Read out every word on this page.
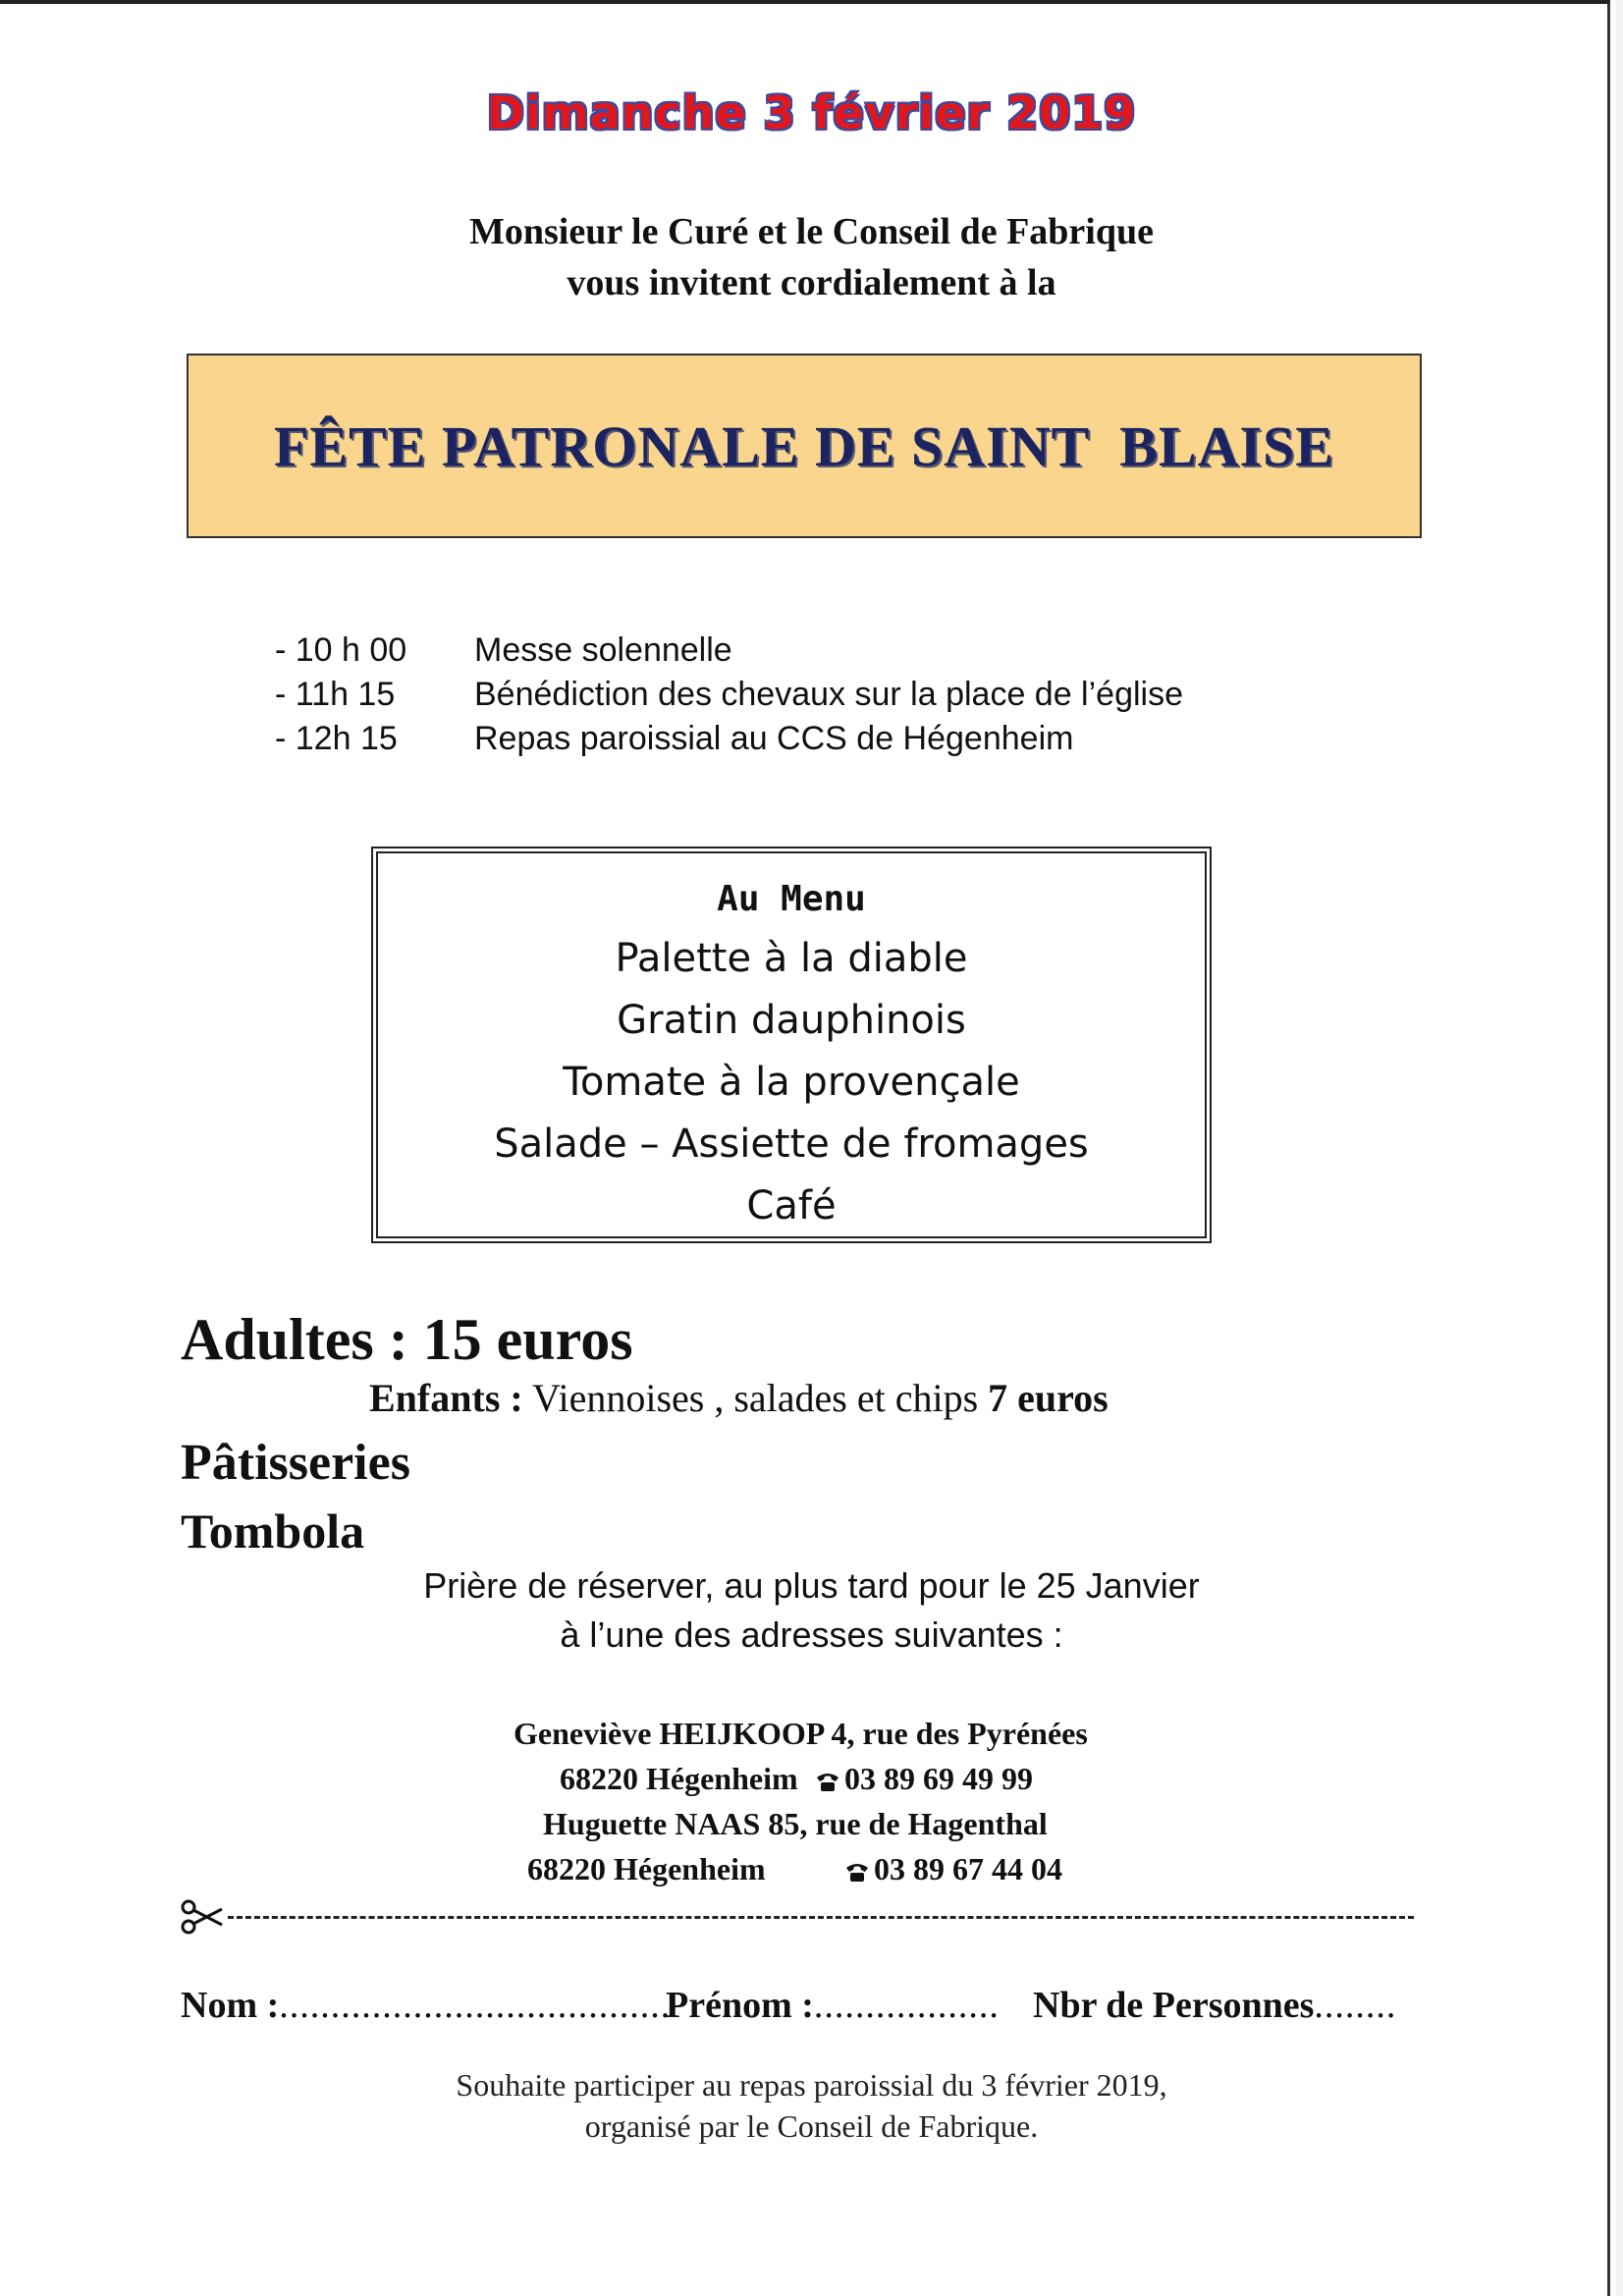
Dimanche 3 février 2019
Monsieur le Curé et le Conseil de Fabrique
vous invitent cordialement à la
FÊTE PATRONALE DE SAINT  BLAISE
- 10 h 00	Messe solennelle
- 11h 15	Bénédiction des chevaux sur la place de l’église
- 12h 15	Repas paroissial au CCS de Hégenheim
Au Menu
Palette à la diable
Gratin dauphinois
Tomate à la provençale
Salade – Assiette de fromages
Café
Adultes : 15 euros
Enfants : Viennoises , salades et chips 7 euros
Pâtisseries
Tombola
Prière de réserver, au plus tard pour le 25 Janvier
à l’une des adresses suivantes :
Geneviève HEIJKOOP 4, rue des Pyrénées
68220 Hégenheim	03 89 69 49 99
Huguette NAAS 85, rue de Hagenthal
68220 Hégenheim	03 89 67 44 04
Nom :......................................
Prénom :.................. Nbr de Personnes........
Souhaite participer au repas paroissial du 3 février 2019,
organisé par le Conseil de Fabrique.
